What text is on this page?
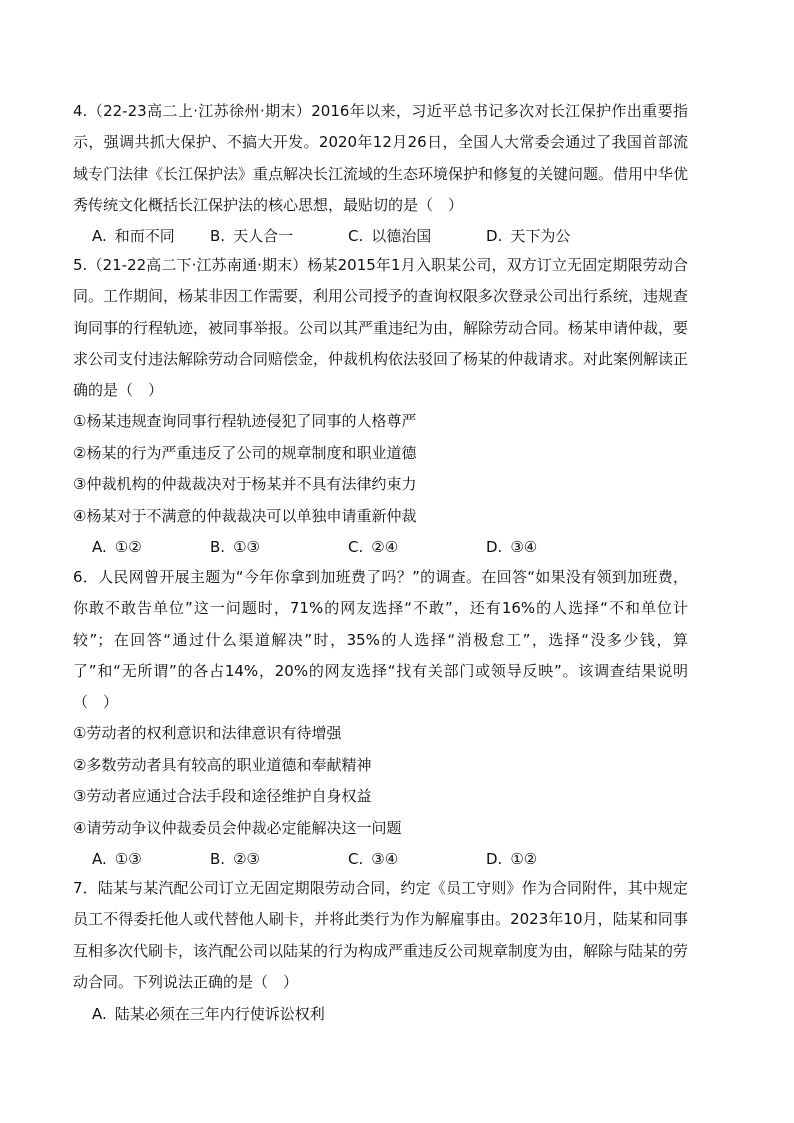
4.（22-23高二上·江苏徐州·期末）2016年以来，习近平总书记多次对长江保护作出重要指示，强调共抓大保护、不搞大开发。2020年12月26日，全国人大常委会通过了我国首部流域专门法律《长江保护法》重点解决长江流域的生态环境保护和修复的关键问题。借用中华优秀传统文化概括长江保护法的核心思想，最贴切的是（　）

A. 和而不同 B. 天人合一	C. 以德治国	D. 天下为公

5.（21-22高二下·江苏南通·期末）杨某2015年1月入职某公司，双方订立无固定期限劳动合同。工作期间，杨某非因工作需要，利用公司授予的查询权限多次登录公司出行系统，违规查询同事的行程轨迹，被同事举报。公司以其严重违纪为由，解除劳动合同。杨某申请仲裁，要求公司支付违法解除劳动合同赔偿金，仲裁机构依法驳回了杨某的仲裁请求。对此案例解读正确的是（　）

①杨某违规查询同事行程轨迹侵犯了同事的人格尊严

②杨某的行为严重违反了公司的规章制度和职业道德

③仲裁机构的仲裁裁决对于杨某并不具有法律约束力

④杨某对于不满意的仲裁裁决可以单独申请重新仲裁

A. ①②	B. ①③	C. ②④	D. ③④

6．人民网曾开展主题为“今年你拿到加班费了吗？”的调查。在回答“如果没有领到加班费，你敢不敢告单位”这一问题时，71%的网友选择“不敢”，还有16%的人选择“不和单位计较”；在回答“通过什么渠道解决”时，35%的人选择“消极怠工”，选择“没多少钱，算了”和“无所谓”的各占14%，20%的网友选择“找有关部门或领导反映”。该调查结果说明（　）

①劳动者的权利意识和法律意识有待增强

②多数劳动者具有较高的职业道德和奉献精神

③劳动者应通过合法手段和途径维护自身权益

④请劳动争议仲裁委员会仲裁必定能解决这一问题

A. ①③	B. ②③	C. ③④	D. ①②

7．陆某与某汽配公司订立无固定期限劳动合同，约定《员工守则》作为合同附件，其中规定员工不得委托他人或代替他人刷卡，并将此类行为作为解雇事由。2023年10月，陆某和同事互相多次代刷卡，该汽配公司以陆某的行为构成严重违反公司规章制度为由，解除与陆某的劳动合同。下列说法正确的是（　）

A. 陆某必须在三年内行使诉讼权利
